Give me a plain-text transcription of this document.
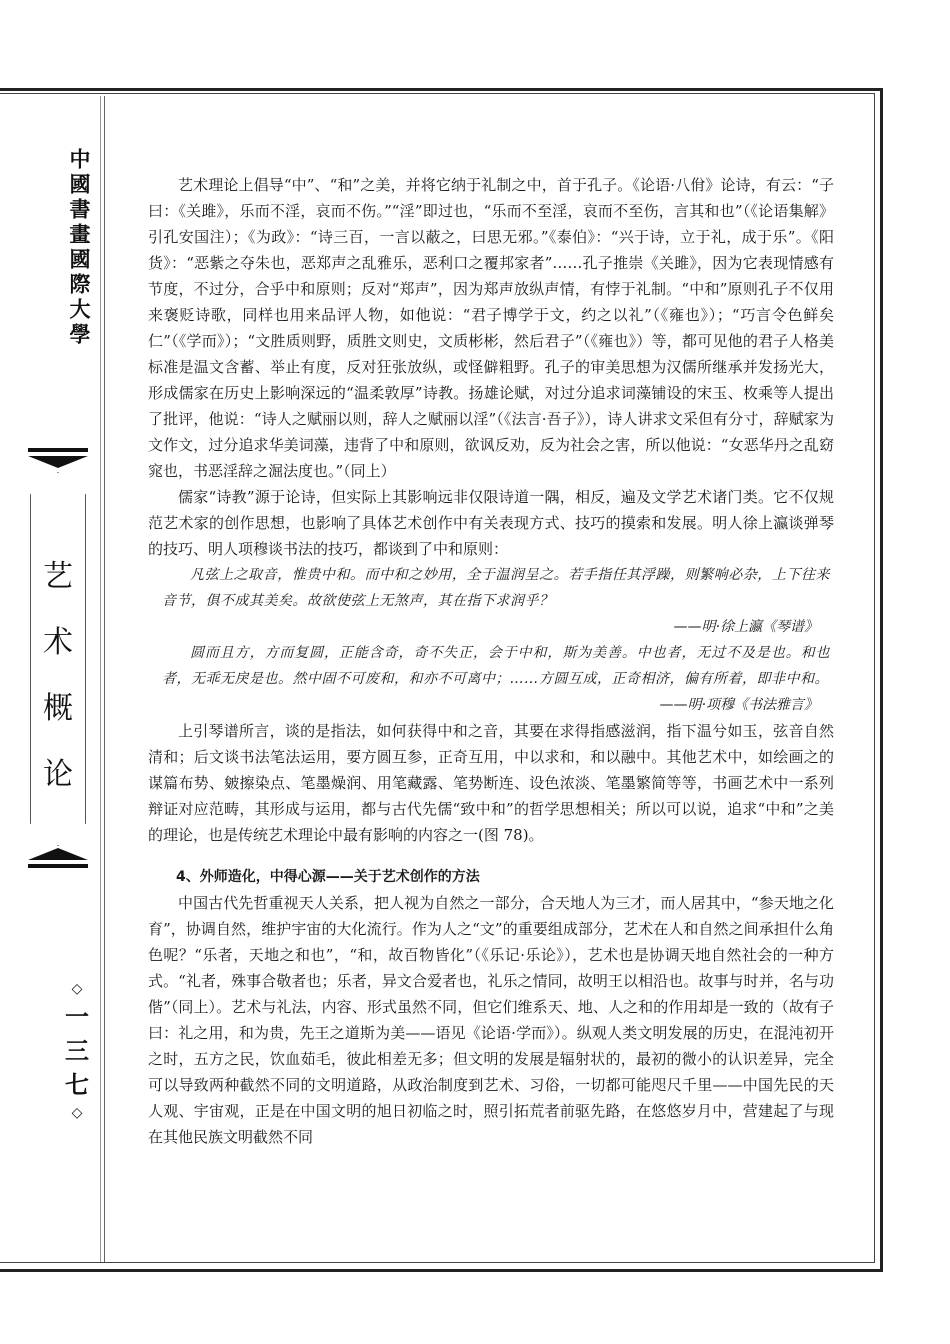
中國書畫國際大學
艺
术
概
论
◇
一
三
七
◇

艺术理论上倡导“中”、“和”之美，并将它纳于礼制之中，首于孔子。《论语·八佾》论诗，有云：“子曰：《关雎》，乐而不淫，哀而不伤。”“淫”即过也，“乐而不至淫，哀而不至伤，言其和也”（《论语集解》引孔安国注）；《为政》：“诗三百，一言以蔽之，曰思无邪。”《泰伯》：“兴于诗，立于礼，成于乐”。《阳货》：“恶紫之夺朱也，恶郑声之乱雅乐，恶利口之覆邦家者”……孔子推崇《关雎》，因为它表现情感有节度，不过分，合乎中和原则；反对“郑声”，因为郑声放纵声情，有悖于礼制。“中和”原则孔子不仅用来褒贬诗歌，同样也用来品评人物，如他说：“君子博学于文，约之以礼”（《雍也》）；“巧言令色鲜矣仁”（《学而》）；“文胜质则野，质胜文则史，文质彬彬，然后君子”（《雍也》）等，都可见他的君子人格美标准是温文含蓄、举止有度，反对狂张放纵，或怪僻粗野。孔子的审美思想为汉儒所继承并发扬光大，形成儒家在历史上影响深远的“温柔敦厚”诗教。扬雄论赋，对过分追求词藻铺设的宋玉、枚乘等人提出了批评，他说：“诗人之赋丽以则，辞人之赋丽以淫”（《法言·吾子》），诗人讲求文采但有分寸，辞赋家为文作文，过分追求华美词藻，违背了中和原则，欲讽反劝，反为社会之害，所以他说：“女恶华丹之乱窈窕也，书恶淫辞之淈法度也。”（同上）

儒家“诗教”源于论诗，但实际上其影响远非仅限诗道一隅，相反，遍及文学艺术诸门类。它不仅规范艺术家的创作思想，也影响了具体艺术创作中有关表现方式、技巧的摸索和发展。明人徐上瀛谈弹琴的技巧、明人项穆谈书法的技巧，都谈到了中和原则：

凡弦上之取音，惟贵中和。而中和之妙用，全于温润呈之。若手指任其浮躁，则繁响必杂，上下往来音节，俱不成其美矣。故欲使弦上无煞声，其在指下求润乎？
——明·徐上瀛《琴谱》
圆而且方，方而复圆，正能含奇，奇不失正，会于中和，斯为美善。中也者，无过不及是也。和也者，无乖无戾是也。然中固不可废和，和亦不可离中；……方圆互成，正奇相济，偏有所着，即非中和。
——明·项穆《书法雅言》

上引琴谱所言，谈的是指法，如何获得中和之音，其要在求得指感滋润，指下温兮如玉，弦音自然清和；后文谈书法笔法运用，要方圆互参，正奇互用，中以求和，和以融中。其他艺术中，如绘画之的谋篇布势、皴擦染点、笔墨燥润、用笔藏露、笔势断连、设色浓淡、笔墨繁简等等，书画艺术中一系列辩证对应范畴，其形成与运用，都与古代先儒“致中和”的哲学思想相关；所以可以说，追求“中和”之美的理论，也是传统艺术理论中最有影响的内容之一(图 78)。

4、外师造化，中得心源——关于艺术创作的方法

中国古代先哲重视天人关系，把人视为自然之一部分，合天地人为三才，而人居其中，“参天地之化育”，协调自然，维护宇宙的大化流行。作为人之“文”的重要组成部分，艺术在人和自然之间承担什么角色呢？“乐者，天地之和也”，“和，故百物皆化”（《乐记·乐论》），艺术也是协调天地自然社会的一种方式。“礼者，殊事合敬者也；乐者，异文合爱者也，礼乐之情同，故明王以相沿也。故事与时并，名与功偕”（同上）。艺术与礼法，内容、形式虽然不同，但它们维系天、地、人之和的作用却是一致的（故有子曰：礼之用，和为贵，先王之道斯为美——语见《论语·学而》）。纵观人类文明发展的历史，在混沌初开之时，五方之民，饮血茹毛，彼此相差无多；但文明的发展是辐射状的，最初的微小的认识差异，完全可以导致两种截然不同的文明道路，从政治制度到艺术、习俗，一切都可能咫尺千里——中国先民的天人观、宇宙观，正是在中国文明的旭日初临之时，照引拓荒者前驱先路，在悠悠岁月中，营建起了与现在其他民族文明截然不同
